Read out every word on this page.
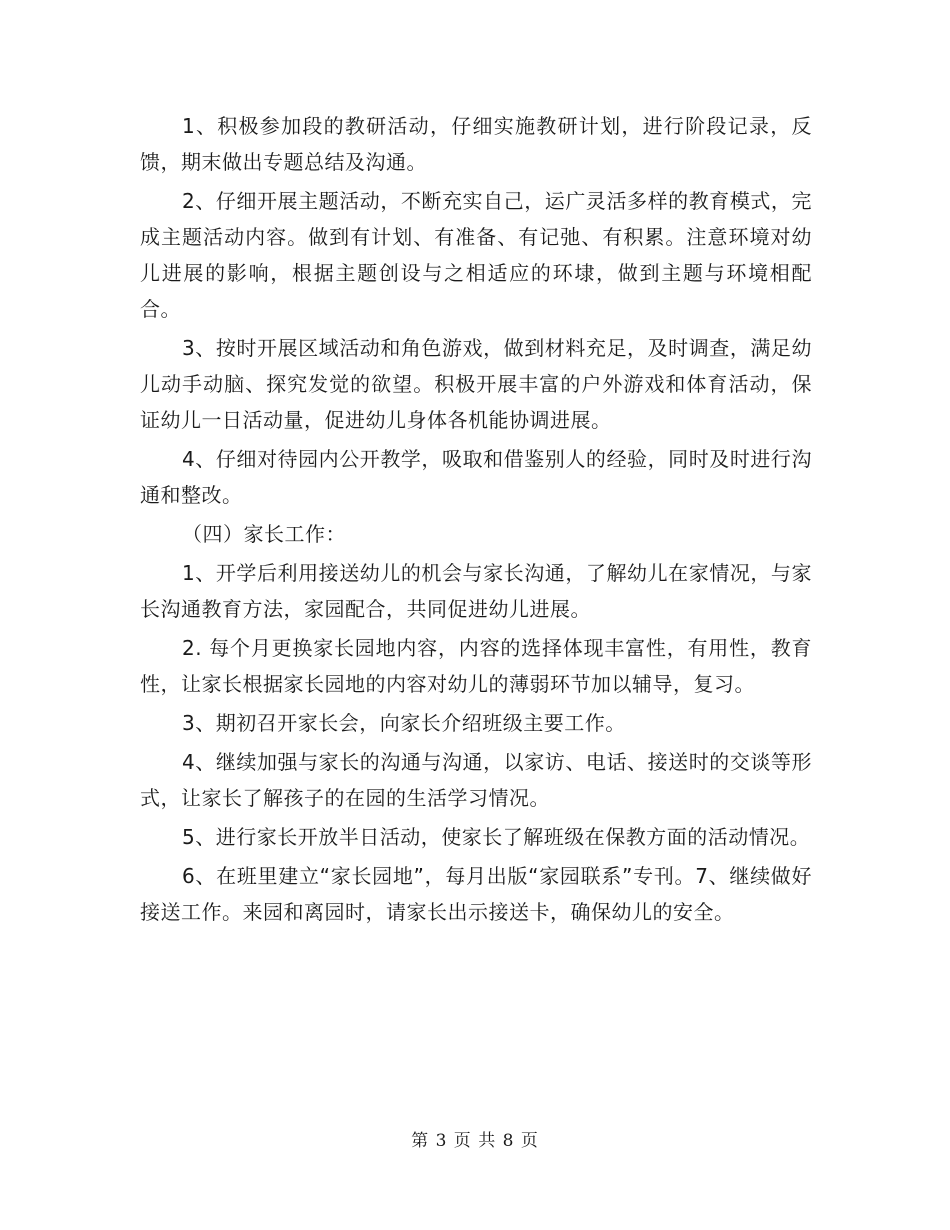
1、积极参加段的教研活动，仔细实施教研计划，进行阶段记录，反馈，期末做出专题总结及沟通。

2、仔细开展主题活动，不断充实自己，运广灵活多样的教育模式，完成主题活动内容。做到有计划、有准备、有记弛、有积累。注意环境对幼儿进展的影响，根据主题创设与之相适应的环埭，做到主题与环境相配合。

3、按时开展区域活动和角色游戏，做到材料充足，及时调查，满足幼儿动手动脑、探究发觉的欲望。积极开展丰富的户外游戏和体育活动，保证幼儿一日活动量，促进幼儿身体各机能协调进展。

4、仔细对待园内公开教学，吸取和借鉴别人的经验，同时及时进行沟通和整改。

（四）家长工作：

1、开学后利用接送幼儿的机会与家长沟通，了解幼儿在家情况，与家长沟通教育方法，家园配合，共同促进幼儿进展。

2. 每个月更换家长园地内容，内容的选择体现丰富性，有用性，教育性，让家长根据家长园地的内容对幼儿的薄弱环节加以辅导，复习。

3、期初召开家长会，向家长介绍班级主要工作。

4、继续加强与家长的沟通与沟通，以家访、电话、接送时的交谈等形式，让家长了解孩子的在园的生活学习情况。

5、进行家长开放半日活动，使家长了解班级在保教方面的活动情况。

6、在班里建立“家长园地”，每月出版“家园联系”专刊。7、继续做好接送工作。来园和离园时，请家长出示接送卡，确保幼儿的安全。

第 3 页 共 8 页
